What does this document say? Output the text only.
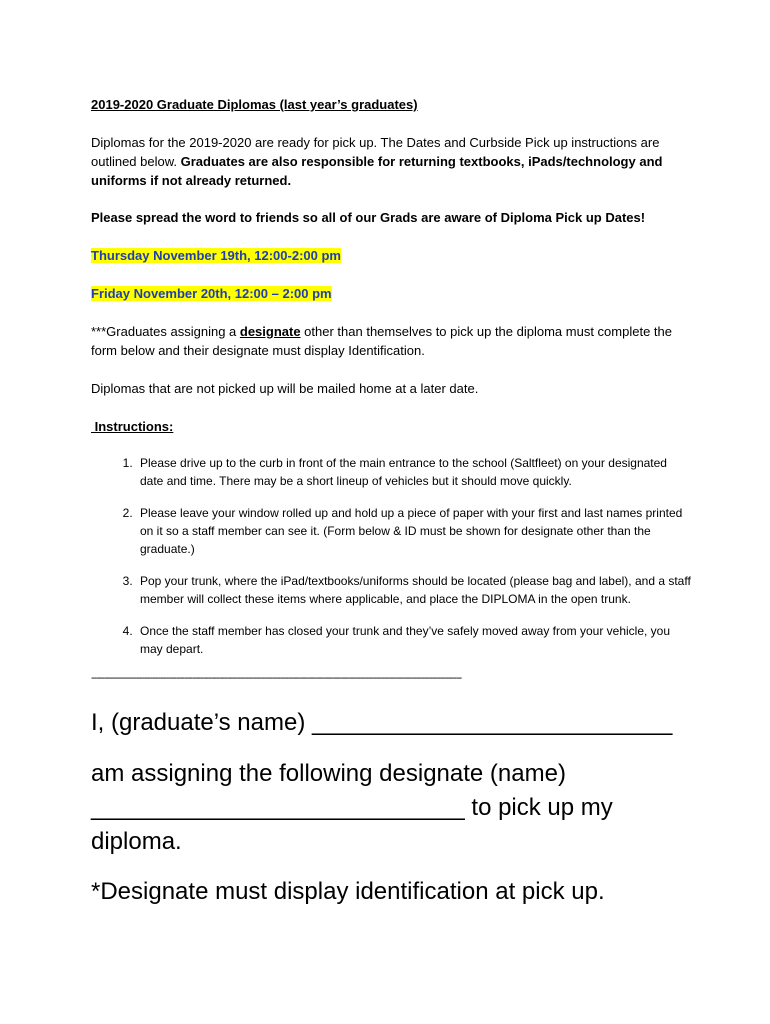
2019-2020 Graduate Diplomas (last year’s graduates)

Diplomas for the 2019-2020 are ready for pick up. The Dates and Curbside Pick up instructions are outlined below. Graduates are also responsible for returning textbooks, iPads/technology and uniforms if not already returned.

Please spread the word to friends so all of our Grads are aware of Diploma Pick up Dates!

Thursday November 19th, 12:00-2:00 pm

Friday November 20th, 12:00 – 2:00 pm

***Graduates assigning a designate other than themselves to pick up the diploma must complete the form below and their designate must display Identification.

Diplomas that are not picked up will be mailed home at a later date.

Instructions:

1. Please drive up to the curb in front of the main entrance to the school (Saltfleet) on your designated date and time. There may be a short lineup of vehicles but it should move quickly.
2. Please leave your window rolled up and hold up a piece of paper with your first and last names printed on it so a staff member can see it. (Form below & ID must be shown for designate other than the graduate.)
3. Pop your trunk, where the iPad/textbooks/uniforms should be located (please bag and label), and a staff member will collect these items where applicable, and place the DIPLOMA in the open trunk.
4. Once the staff member has closed your trunk and they’ve safely moved away from your vehicle, you may depart.
-------------------------------------------------------------------------------------------------------------------------------------------

I, (graduate’s name) ___________________________

am assigning the following designate (name)

____________________________ to pick up my diploma.

*Designate must display identification at pick up.
